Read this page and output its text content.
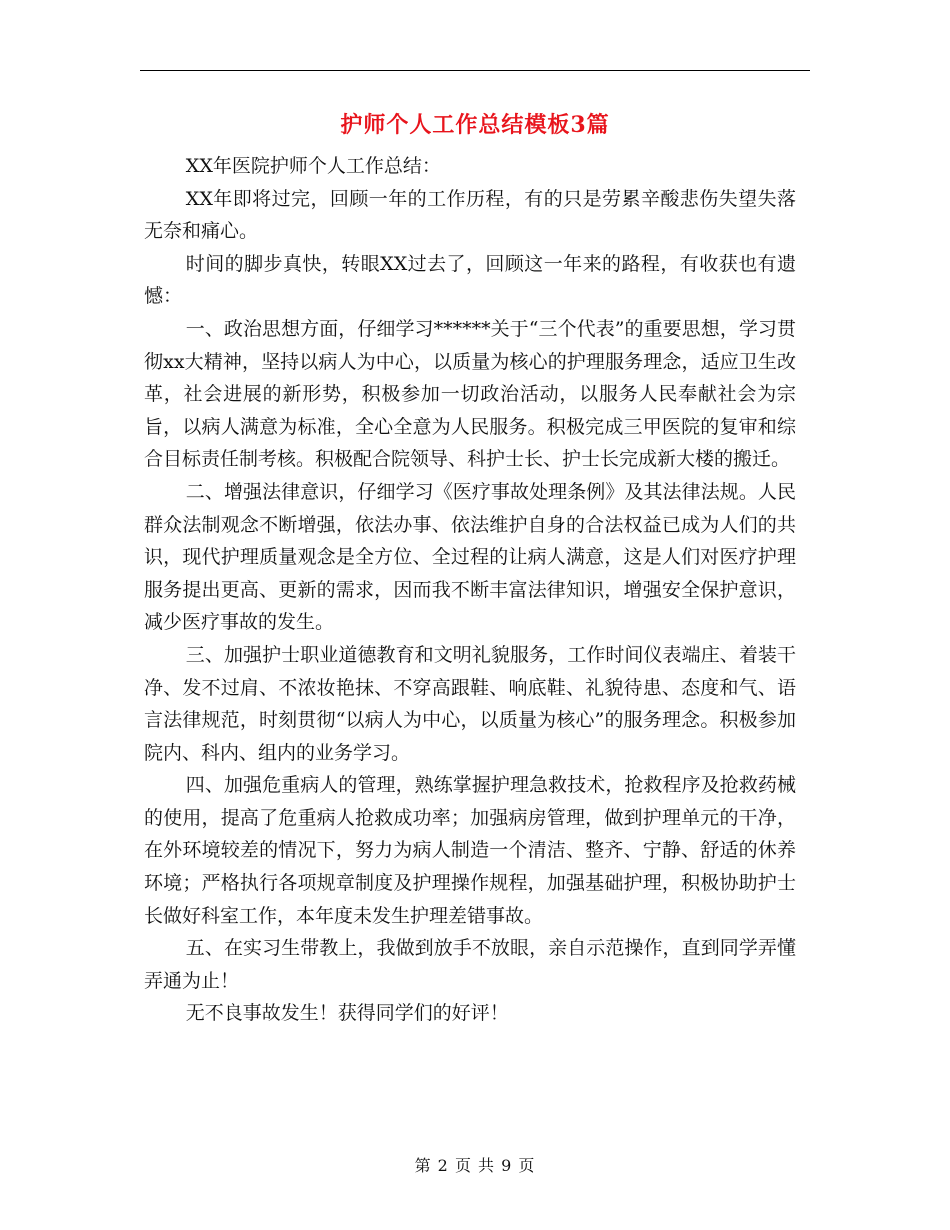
护师个人工作总结模板3篇

XX年医院护师个人工作总结：

XX年即将过完，回顾一年的工作历程，有的只是劳累辛酸悲伤失望失落无奈和痛心。

时间的脚步真快，转眼XX过去了，回顾这一年来的路程，有收获也有遗憾：

一、政治思想方面，仔细学习******关于“三个代表”的重要思想，学习贯彻xx大精神，坚持以病人为中心，以质量为核心的护理服务理念，适应卫生改革，社会进展的新形势，积极参加一切政治活动，以服务人民奉献社会为宗旨，以病人满意为标准，全心全意为人民服务。积极完成三甲医院的复审和综合目标责任制考核。积极配合院领导、科护士长、护士长完成新大楼的搬迁。

二、增强法律意识，仔细学习《医疗事故处理条例》及其法律法规。人民群众法制观念不断增强，依法办事、依法维护自身的合法权益已成为人们的共识，现代护理质量观念是全方位、全过程的让病人满意，这是人们对医疗护理服务提出更高、更新的需求，因而我不断丰富法律知识，增强安全保护意识，减少医疗事故的发生。

三、加强护士职业道德教育和文明礼貌服务，工作时间仪表端庄、着装干净、发不过肩、不浓妆艳抹、不穿高跟鞋、响底鞋、礼貌待患、态度和气、语言法律规范，时刻贯彻“以病人为中心，以质量为核心”的服务理念。积极参加院内、科内、组内的业务学习。

四、加强危重病人的管理，熟练掌握护理急救技术，抢救程序及抢救药械的使用，提高了危重病人抢救成功率；加强病房管理，做到护理单元的干净，在外环境较差的情况下，努力为病人制造一个清洁、整齐、宁静、舒适的休养环境；严格执行各项规章制度及护理操作规程，加强基础护理，积极协助护士长做好科室工作，本年度未发生护理差错事故。

五、在实习生带教上，我做到放手不放眼，亲自示范操作，直到同学弄懂弄通为止！

无不良事故发生！获得同学们的好评！

第 2 页 共 9 页
